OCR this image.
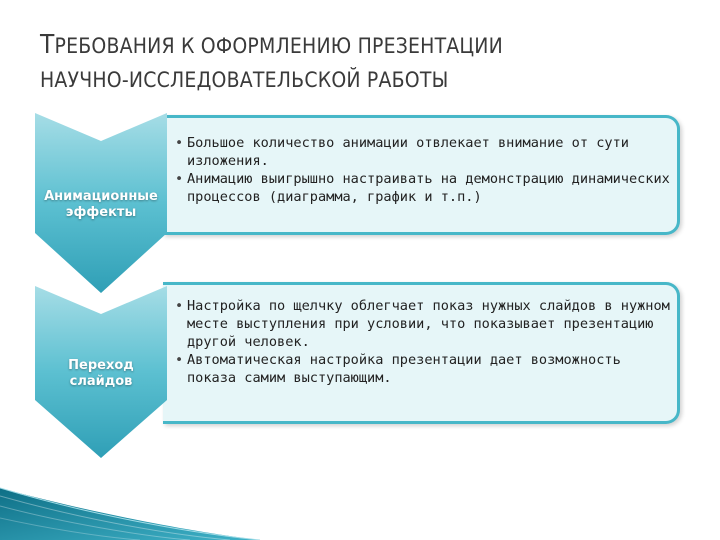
ТРЕБОВАНИЯ К ОФОРМЛЕНИЮ ПРЕЗЕНТАЦИИ
НАУЧНО-ИССЛЕДОВАТЕЛЬСКОЙ РАБОТЫ
• Большое количество анимации отвлекает внимание от сути изложения.
• Анимацию выигрышно настраивать на демонстрацию динамических процессов (диаграмма, график и т.п.)
Анимационные
эффекты
• Настройка по щелчку облегчает показ нужных слайдов в нужном месте выступления при условии, что показывает презентацию другой человек.
• Автоматическая настройка презентации дает возможность показа самим выступающим.
Переход
слайдов
